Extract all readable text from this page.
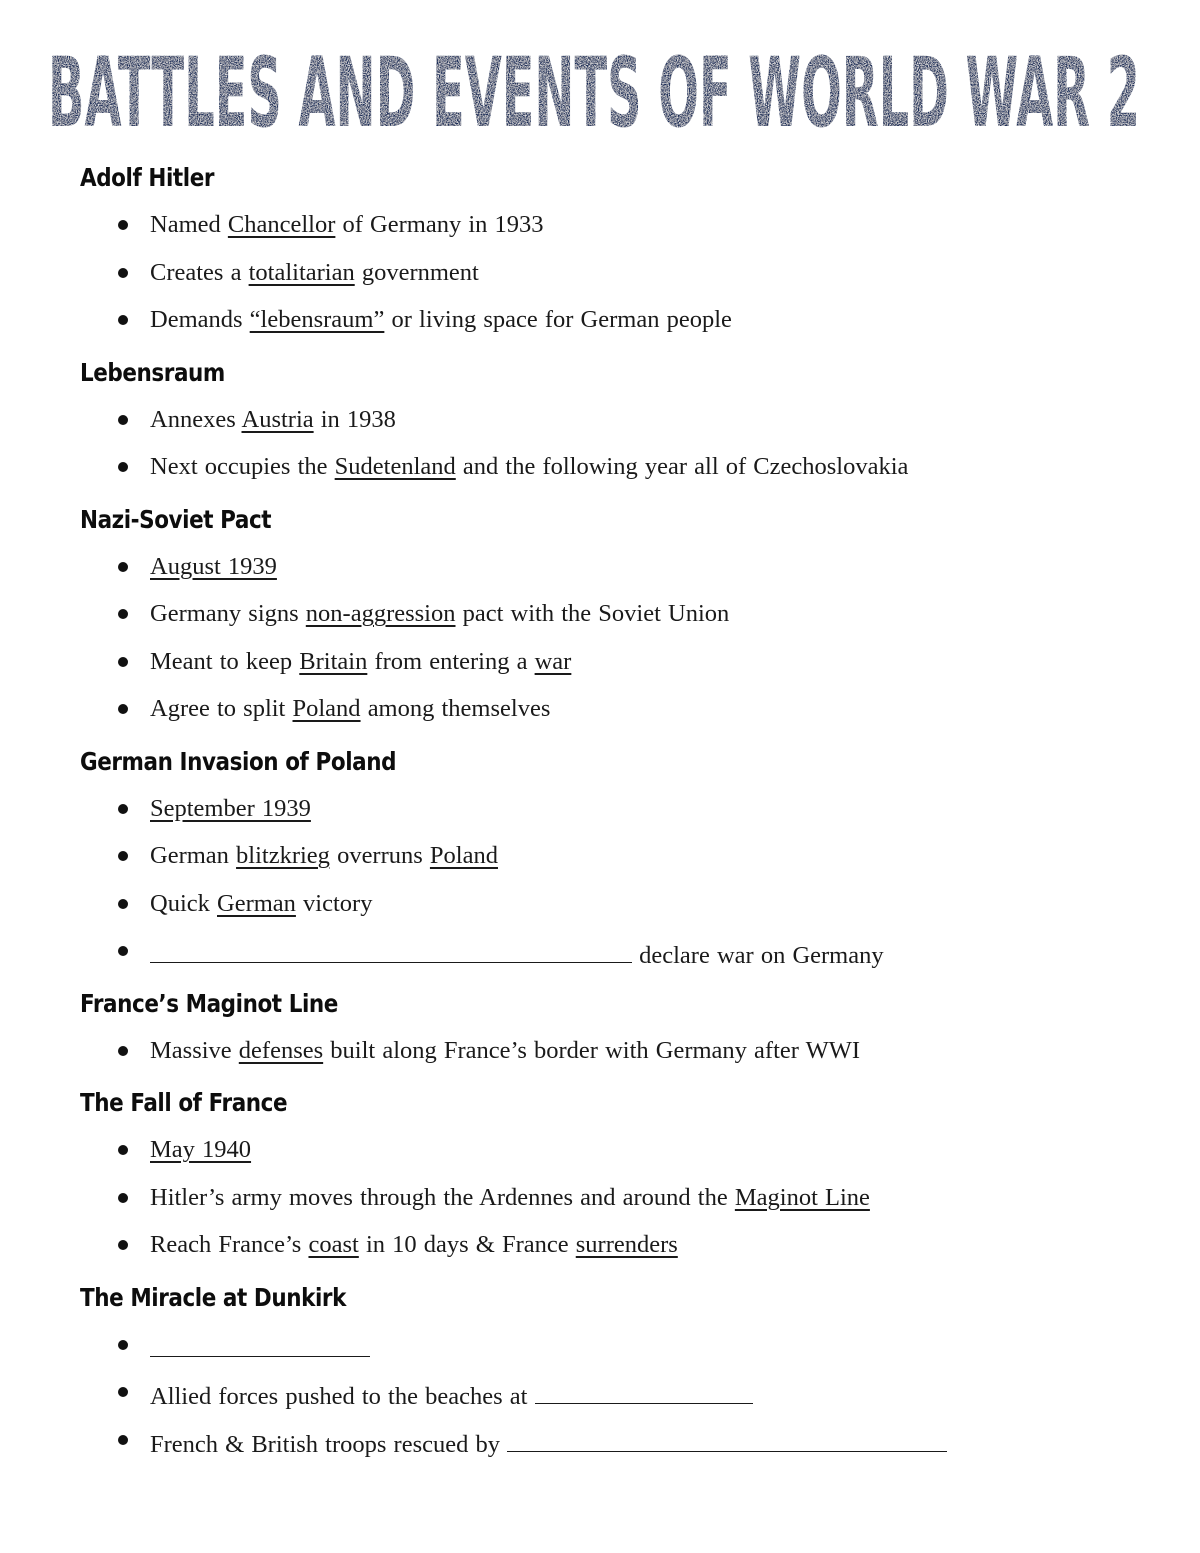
BATTLES AND EVENTS OF WORLD WAR 2
Adolf Hitler
Named Chancellor of Germany in 1933
Creates a totalitarian government
Demands “lebensraum” or living space for German people
Lebensraum
Annexes Austria in 1938
Next occupies the Sudetenland and the following year all of Czechoslovakia
Nazi-Soviet Pact
August 1939
Germany signs non-aggression pact with the Soviet Union
Meant to keep Britain from entering a war
Agree to split Poland among themselves
German Invasion of Poland
September 1939
German blitzkrieg overruns Poland
Quick German victory
declare war on Germany
France’s Maginot Line
Massive defenses built along France’s border with Germany after WWI
The Fall of France
May 1940
Hitler’s army moves through the Ardennes and around the Maginot Line
Reach France’s coast in 10 days & France surrenders
The Miracle at Dunkirk
Allied forces pushed to the beaches at
French & British troops rescued by
